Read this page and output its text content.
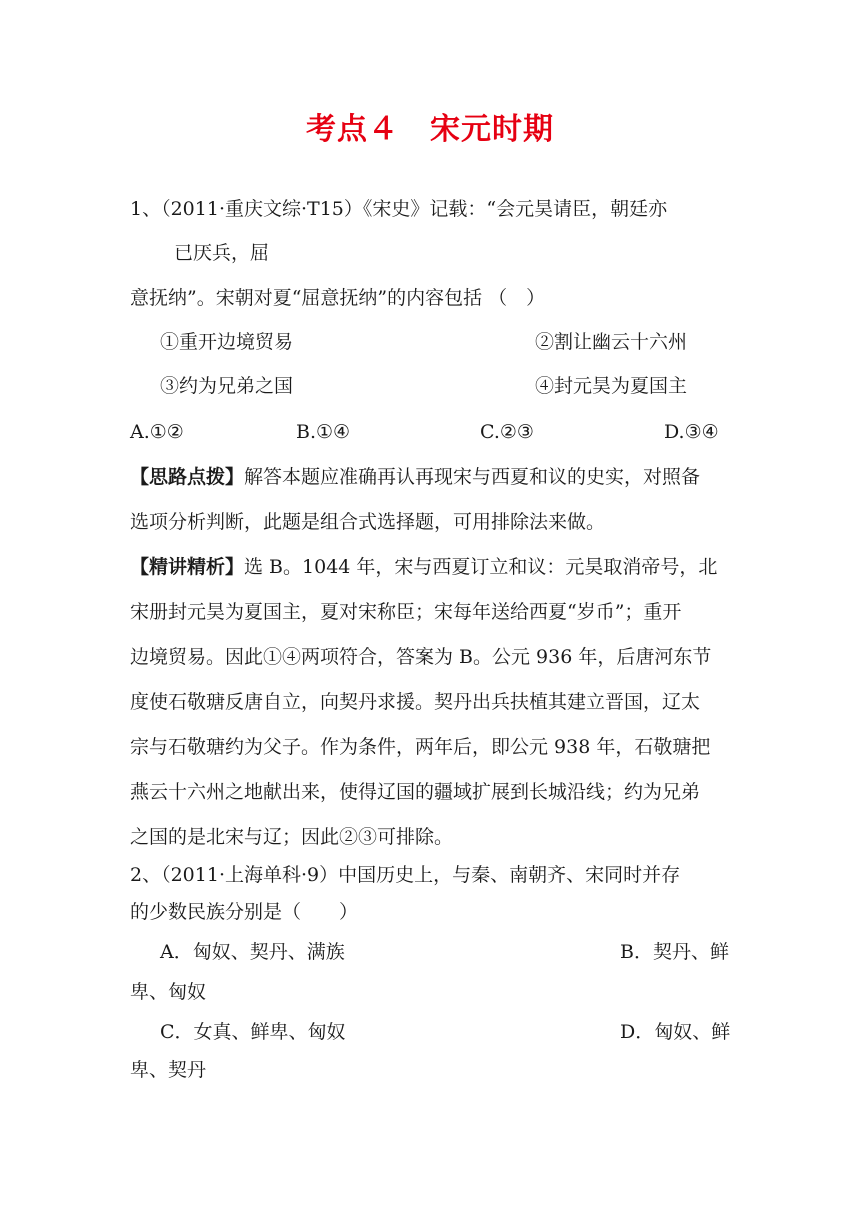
考点４　宋元时期
1、（2011·重庆文综·T15）《宋史》记载：“会元昊请臣，朝廷亦
已厌兵，屈
意抚纳”。宋朝对夏“屈意抚纳”的内容包括 （　）
①重开边境贸易	②割让幽云十六州
③约为兄弟之国	④封元昊为夏国主
A.①②	B.①④	C.②③	D.③④
【思路点拨】解答本题应准确再认再现宋与西夏和议的史实，对照备
选项分析判断，此题是组合式选择题，可用排除法来做。
【精讲精析】选 B。1044 年，宋与西夏订立和议：元昊取消帝号，北
宋册封元昊为夏国主，夏对宋称臣；宋每年送给西夏“岁币”；重开
边境贸易。因此①④两项符合，答案为 B。公元 936 年，后唐河东节
度使石敬瑭反唐自立，向契丹求援。契丹出兵扶植其建立晋国，辽太
宗与石敬瑭约为父子。作为条件，两年后，即公元 938 年，石敬瑭把
燕云十六州之地献出来，使得辽国的疆域扩展到长城沿线；约为兄弟
之国的是北宋与辽；因此②③可排除。
2、（2011·上海单科·9）中国历史上，与秦、南朝齐、宋同时并存
的少数民族分别是（　　）
A．匈奴、契丹、满族	B．契丹、鲜
卑、匈奴
C．女真、鲜卑、匈奴	D．匈奴、鲜
卑、契丹
